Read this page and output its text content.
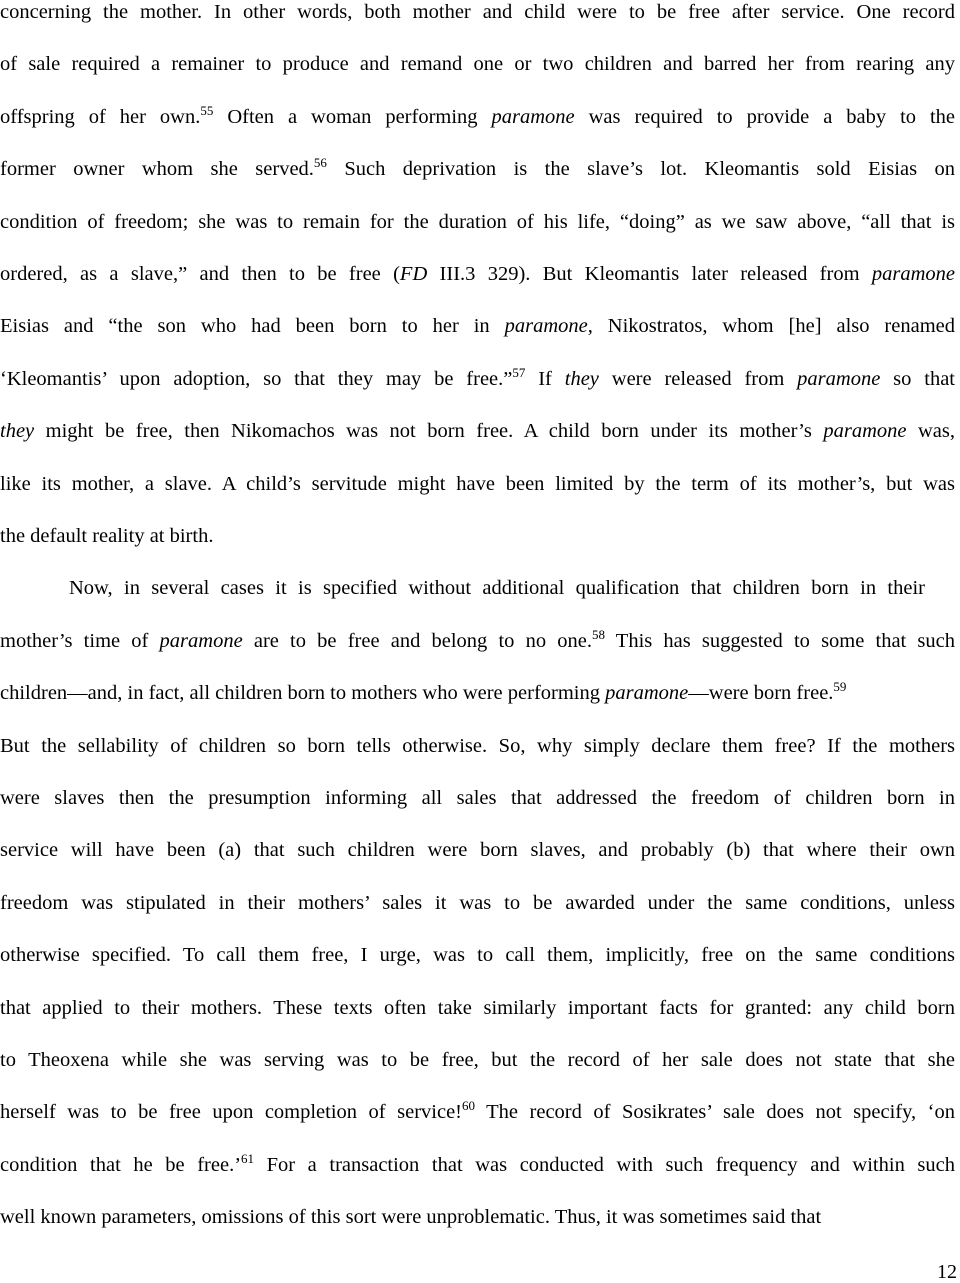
concerning the mother. In other words, both mother and child were to be free after service. One record
of sale required a remainer to produce and remand one or two children and barred her from rearing any
offspring of her own.$^{55}$ Often a woman performing paramone was required to provide a baby to the
former owner whom she served.$^{56}$ Such deprivation is the slave’s lot. Kleomantis sold Eisias on
condition of freedom; she was to remain for the duration of his life, “doing” as we saw above, “all that is
ordered, as a slave,” and then to be free (FD III.3 329). But Kleomantis later released from paramone
Eisias and “the son who had been born to her in paramone, Nikostratos, whom [he] also renamed
‘Kleomantis’ upon adoption, so that they may be free.”$^{57}$ If they were released from paramone so that
they might be free, then Nikomachos was not born free. A child born under its mother’s paramone was,
like its mother, a slave. A child’s servitude might have been limited by the term of its mother’s, but was
the default reality at birth.
Now, in several cases it is specified without additional qualification that children born in their
mother’s time of paramone are to be free and belong to no one.$^{58}$ This has suggested to some that such
children—and, in fact, all children born to mothers who were performing paramone—were born free.$^{59}$
But the sellability of children so born tells otherwise. So, why simply declare them free? If the mothers
were slaves then the presumption informing all sales that addressed the freedom of children born in
service will have been (a) that such children were born slaves, and probably (b) that where their own
freedom was stipulated in their mothers’ sales it was to be awarded under the same conditions, unless
otherwise specified. To call them free, I urge, was to call them, implicitly, free on the same conditions
that applied to their mothers. These texts often take similarly important facts for granted: any child born
to Theoxena while she was serving was to be free, but the record of her sale does not state that she
herself was to be free upon completion of service!$^{60}$ The record of Sosikrates’ sale does not specify, ‘on
condition that he be free.’$^{61}$ For a transaction that was conducted with such frequency and within such
well known parameters, omissions of this sort were unproblematic. Thus, it was sometimes said that
12
